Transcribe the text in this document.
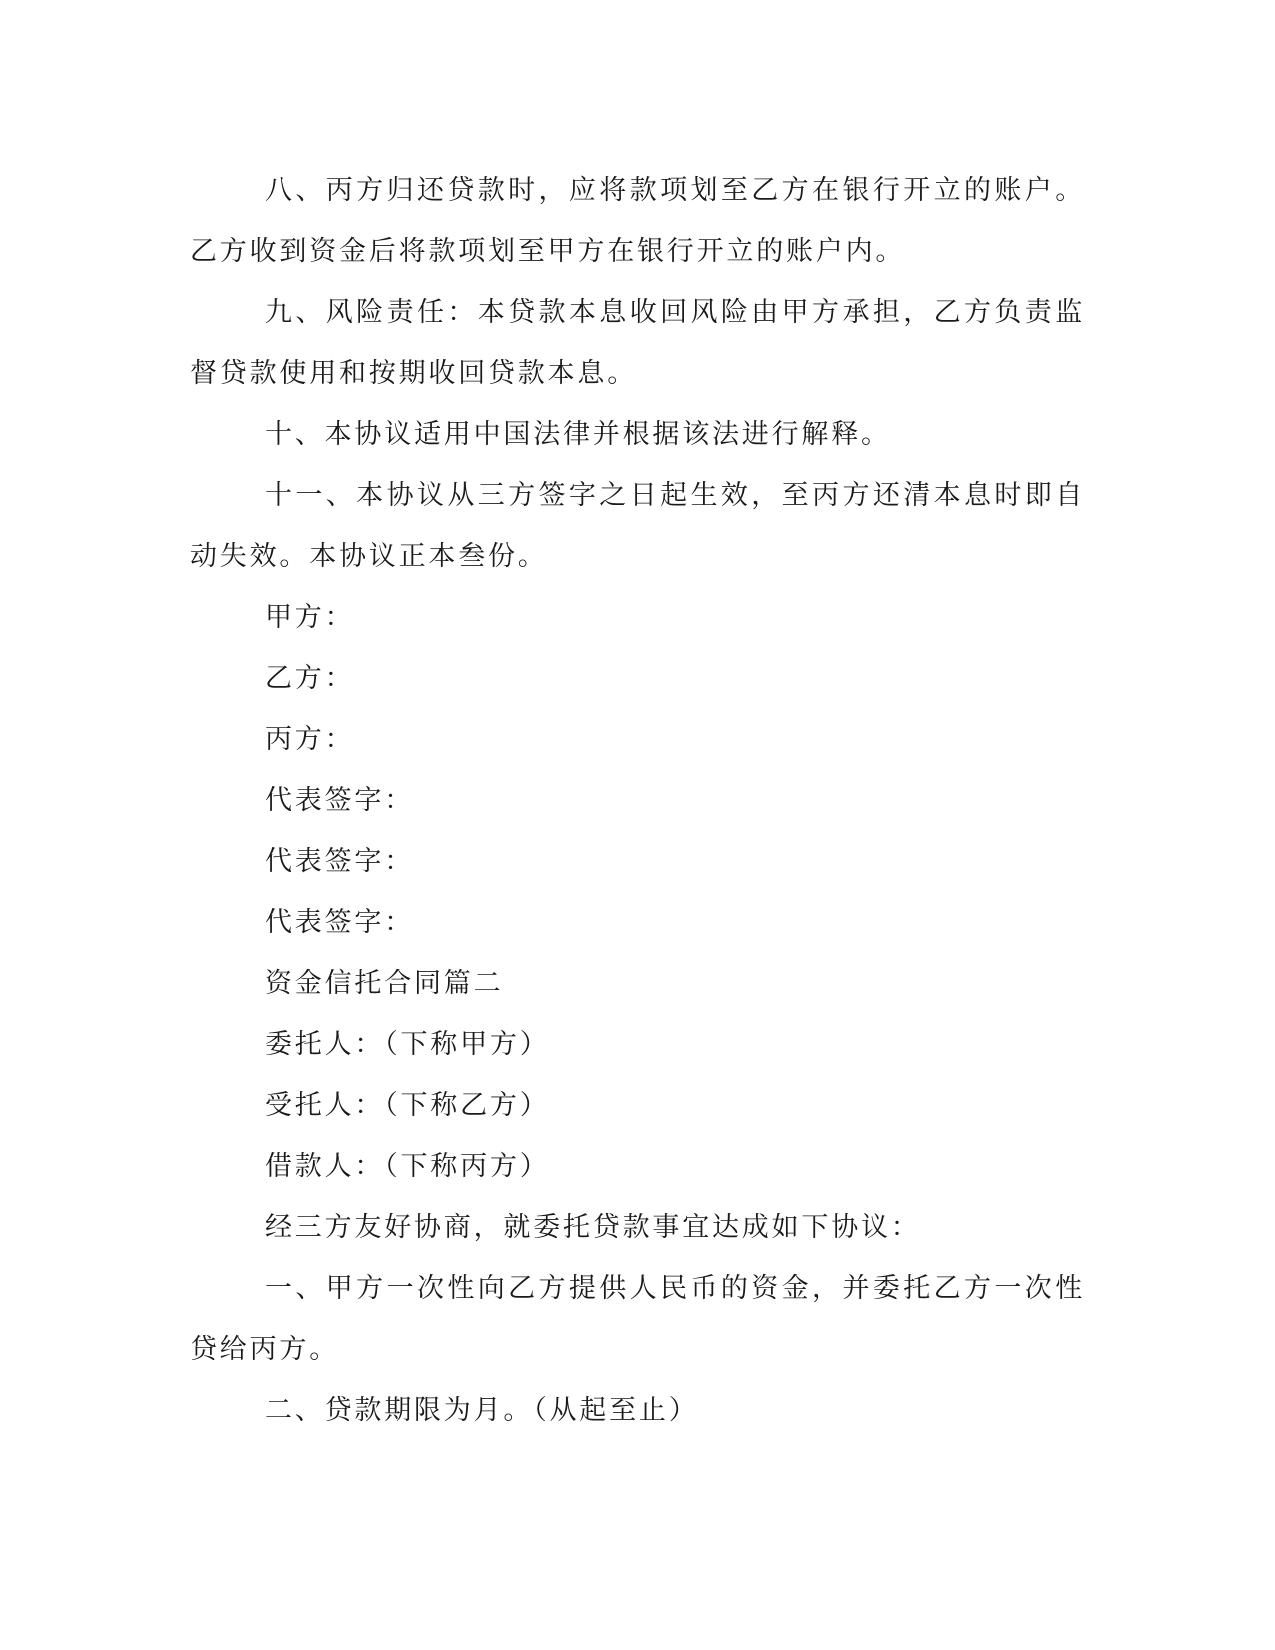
八、丙方归还贷款时，应将款项划至乙方在银行开立的账户。乙方收到资金后将款项划至甲方在银行开立的账户内。

九、风险责任：本贷款本息收回风险由甲方承担，乙方负责监督贷款使用和按期收回贷款本息。

十、本协议适用中国法律并根据该法进行解释。

十一、本协议从三方签字之日起生效，至丙方还清本息时即自动失效。本协议正本叁份。

甲方：

乙方：

丙方：

代表签字：

代表签字：

代表签字：

资金信托合同篇二

委托人：（下称甲方）

受托人：（下称乙方）

借款人：（下称丙方）

经三方友好协商，就委托贷款事宜达成如下协议：

一、甲方一次性向乙方提供人民币的资金，并委托乙方一次性贷给丙方。

二、贷款期限为月。（从起至止）
